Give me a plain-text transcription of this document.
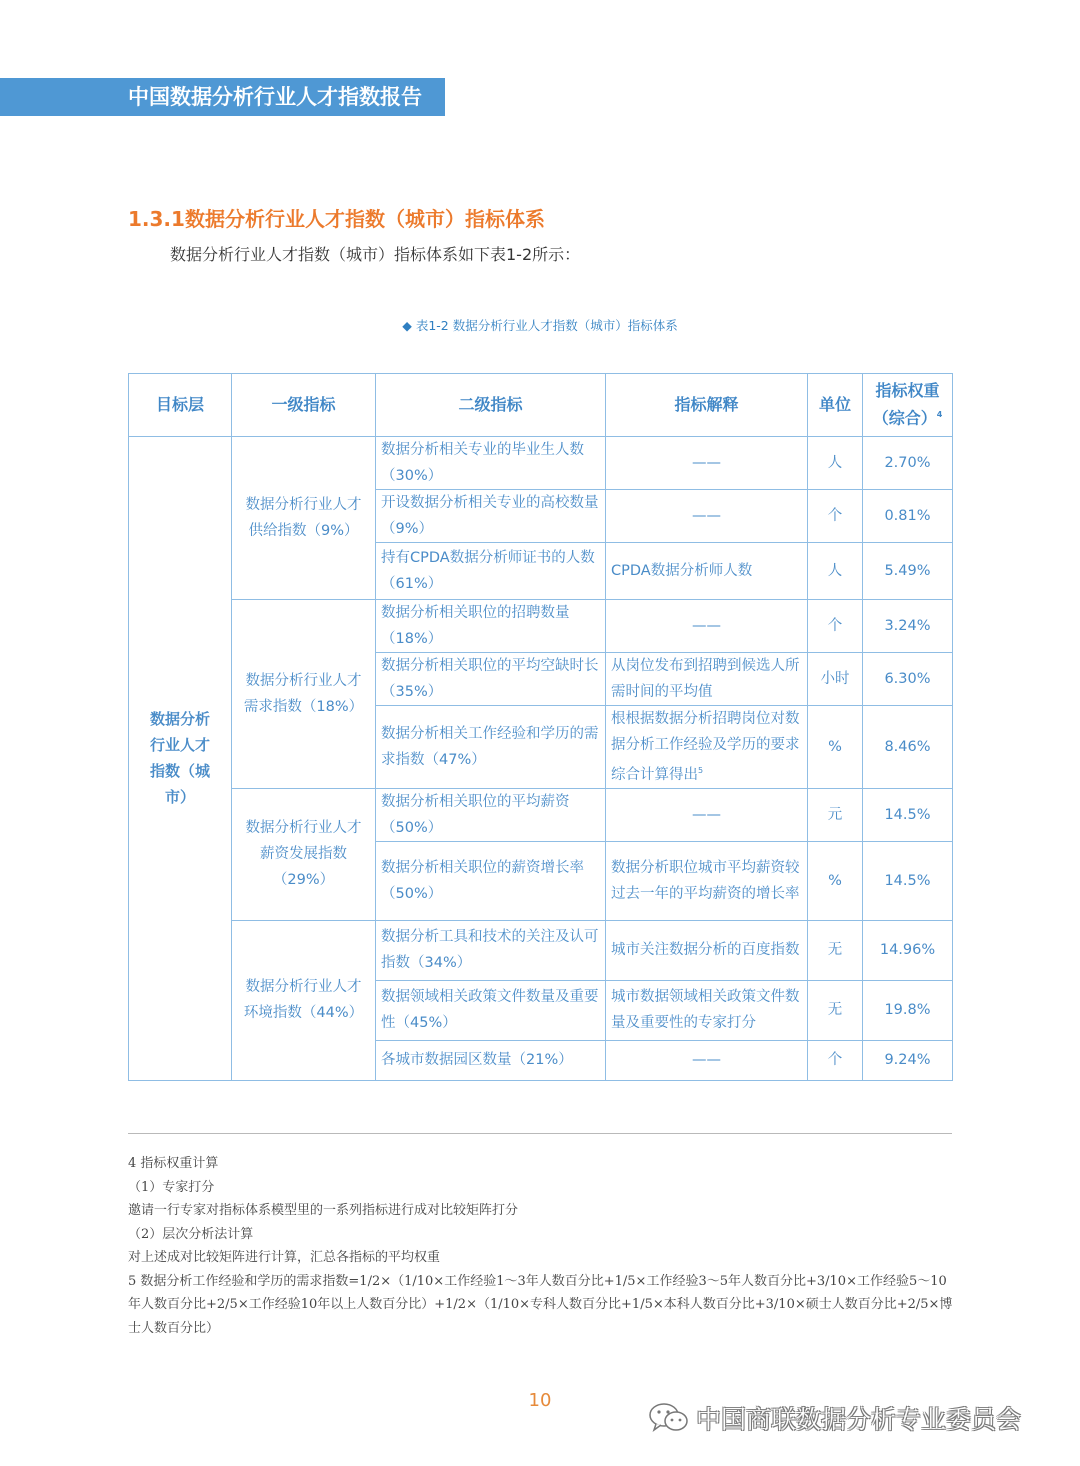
中国数据分析行业人才指数报告
1.3.1数据分析行业人才指数（城市）指标体系
数据分析行业人才指数（城市）指标体系如下表1-2所示：
◆ 表1-2 数据分析行业人才指数（城市）指标体系
目标层	一级指标	二级指标	指标解释	单位	指标权重
（综合）$^4$

数据分析行业人才指数（城市）	数据分析行业人才供给指数（9%）	数据分析相关专业的毕业生人数（30%）	——	人	2.70%
		开设数据分析相关专业的高校数量（9%）	——	个	0.81%
		持有CPDA数据分析师证书的人数（61%）	CPDA数据分析师人数	人	5.49%
	数据分析行业人才需求指数（18%）	数据分析相关职位的招聘数量（18%）	——	个	3.24%
		数据分析相关职位的平均空缺时长（35%）	从岗位发布到招聘到候选人所需时间的平均值	小时	6.30%
		数据分析相关工作经验和学历的需求指数（47%）	根根据数据分析招聘岗位对数据分析工作经验及学历的要求综合计算得出$^5$	%	8.46%
	数据分析行业人才薪资发展指数（29%）	数据分析相关职位的平均薪资（50%）	——	元	14.5%
		数据分析相关职位的薪资增长率（50%）	数据分析职位城市平均薪资较过去一年的平均薪资的增长率	%	14.5%
	数据分析行业人才环境指数（44%）	数据分析工具和技术的关注及认可指数（34%）	城市关注数据分析的百度指数	无	14.96%
		数据领域相关政策文件数量及重要性（45%）	城市数据领域相关政策文件数量及重要性的专家打分	无	19.8%
		各城市数据园区数量（21%）	——	个	9.24%

4 指标权重计算

（1）专家打分

邀请一行专家对指标体系模型里的一系列指标进行成对比较矩阵打分

（2）层次分析法计算

对上述成对比较矩阵进行计算，汇总各指标的平均权重

5 数据分析工作经验和学历的需求指数=1/2×（1/10×工作经验1～3年人数百分比+1/5×工作经验3～5年人数百分比+3/10×工作经验5～10年人数百分比+2/5×工作经验10年以上人数百分比）+1/2×（1/10×专科人数百分比+1/5×本科人数百分比+3/10×硕士人数百分比+2/5×博士人数百分比）

10
中国商联数据分析专业委员会
